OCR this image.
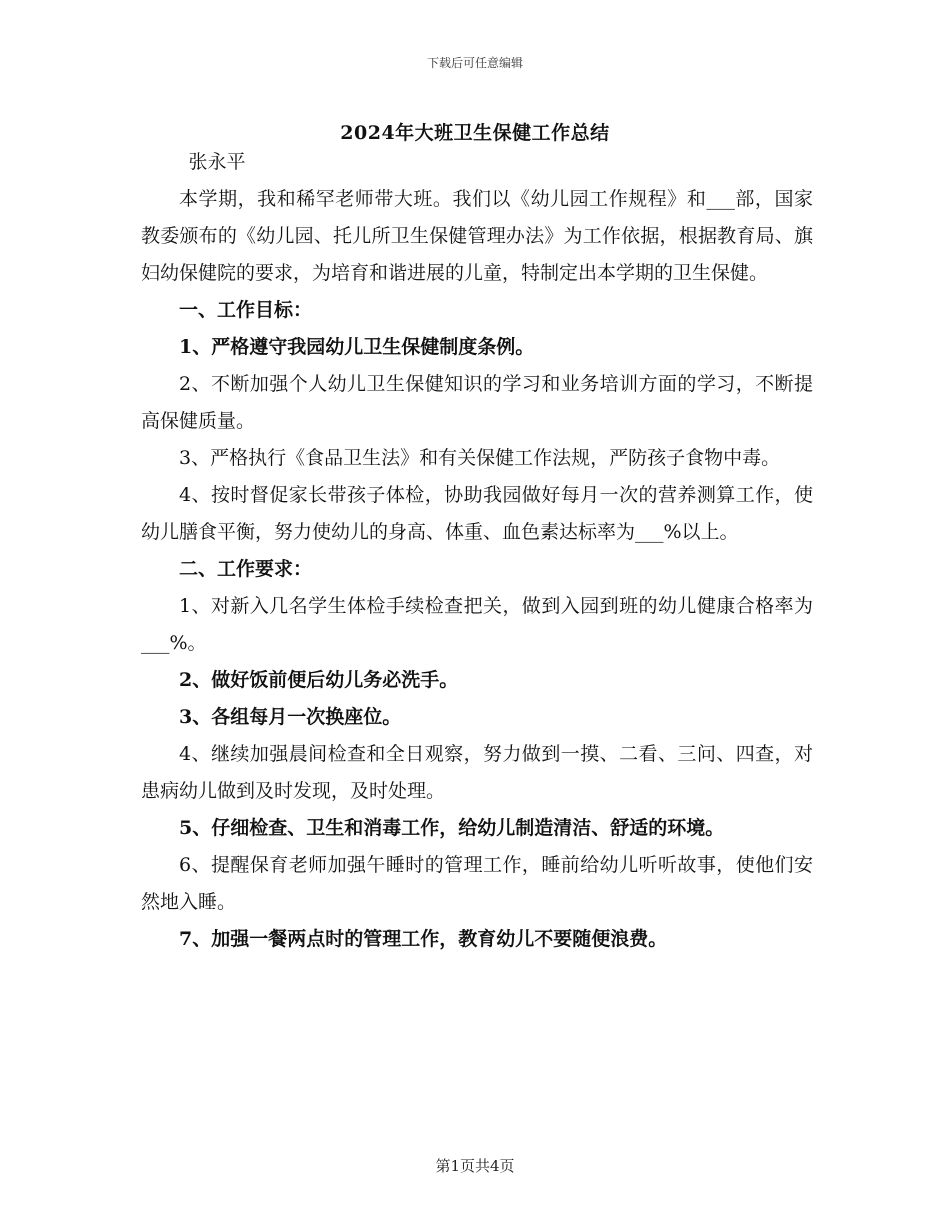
下载后可任意编辑
2024年大班卫生保健工作总结

张永平

本学期，我和稀罕老师带大班。我们以《幼儿园工作规程》和___部，国家教委颁布的《幼儿园、托儿所卫生保健管理办法》为工作依据，根据教育局、旗妇幼保健院的要求，为培育和谐进展的儿童，特制定出本学期的卫生保健。

一、工作目标：

1、严格遵守我园幼儿卫生保健制度条例。

2、不断加强个人幼儿卫生保健知识的学习和业务培训方面的学习，不断提高保健质量。

3、严格执行《食品卫生法》和有关保健工作法规，严防孩子食物中毒。

4、按时督促家长带孩子体检，协助我园做好每月一次的营养测算工作，使幼儿膳食平衡，努力使幼儿的身高、体重、血色素达标率为___%以上。

二、工作要求：

1、对新入几名学生体检手续检查把关，做到入园到班的幼儿健康合格率为___%。

2、做好饭前便后幼儿务必洗手。

3、各组每月一次换座位。

4、继续加强晨间检查和全日观察，努力做到一摸、二看、三问、四查，对患病幼儿做到及时发现，及时处理。

5、仔细检查、卫生和消毒工作，给幼儿制造清洁、舒适的环境。

6、提醒保育老师加强午睡时的管理工作，睡前给幼儿听听故事，使他们安然地入睡。

7、加强一餐两点时的管理工作，教育幼儿不要随便浪费。

第1页共4页
